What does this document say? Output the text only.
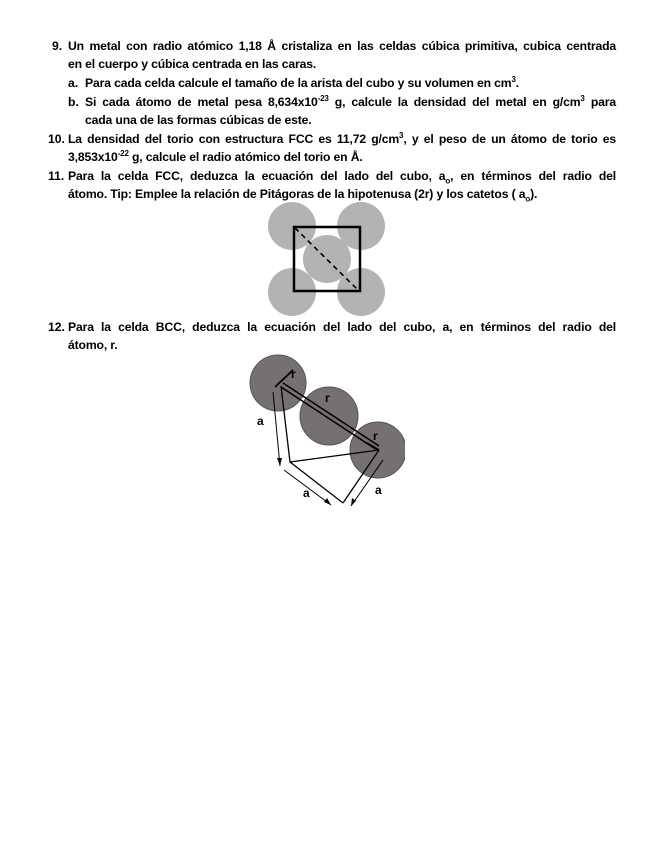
9. Un metal con radio atómico 1,18 Å cristaliza en las celdas cúbica primitiva, cubica centrada
en el cuerpo y cúbica centrada en las caras.
a. Para cada celda calcule el tamaño de la arista del cubo y su volumen en $cm^3$.
b. Si cada átomo de metal pesa $8,634x10^{-23}$ g, calcule la densidad del metal en $g/cm^3$ para
cada una de las formas cúbicas de este.
10. La densidad del torio con estructura FCC es 11,72 $g/cm^3$, y el peso de un átomo de torio es
$3,853x10^{-22}$ g, calcule el radio atómico del torio en Å.
11. Para la celda FCC, deduzca la ecuación del lado del cubo, $a_o$, en términos del radio del
átomo. Tip: Emplee la relación de Pitágoras de la hipotenusa (2r) y los catetos ( $a_o$).
12. Para la celda BCC, deduzca la ecuación del lado del cubo, a, en términos del radio del
átomo, r.
r
r
r
a
a	a
